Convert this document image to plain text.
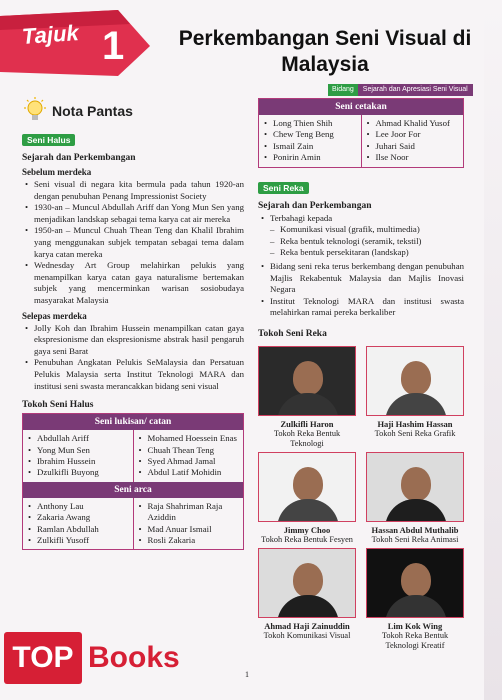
Tajuk 1	Perkembangan Seni Visual di Malaysia
Bidang	Sejarah dan Apresiasi Seni Visual
Nota Pantas
Seni Halus
Sejarah dan Perkembangan
Sebelum merdeka
• Seni visual di negara kita bermula pada tahun 1920-an dengan penubuhan Penang Impressionist Society
• 1930-an – Muncul Abdullah Ariff dan Yong Mun Sen yang menjadikan landskap sebagai tema karya cat air mereka
• 1950-an – Muncul Chuah Thean Teng dan Khalil Ibrahim yang menggunakan subjek tempatan sebagai tema dalam karya catan mereka
• Wednesday Art Group melahirkan pelukis yang menampilkan karya catan gaya naturalisme bertemakan subjek yang mencerminkan warisan sosiobudaya masyarakat Malaysia
Selepas merdeka
• Jolly Koh dan Ibrahim Hussein menampilkan catan gaya ekspresionisme dan ekspresionisme abstrak hasil pengaruh gaya seni Barat
• Penubuhan Angkatan Pelukis SeMalaysia dan Persatuan Pelukis Malaysia serta Institut Teknologi MARA dan institusi seni swasta merancakkan bidang seni visual
Tokoh Seni Halus
Seni lukisan/ catan
• Abdullah Ariff
• Yong Mun Sen
• Ibrahim Hussein
• Dzulkifli Buyong
• Mohamed Hoessein Enas
• Chuah Thean Teng
• Syed Ahmad Jamal
• Abdul Latif Mohidin
Seni arca
• Anthony Lau
• Zakaria Awang
• Ramlan Abdullah
• Zulkifli Yusoff
• Raja Shahriman Raja Aziddin
• Mad Anuar Ismail
• Rosli Zakaria
Seni cetakan
• Long Thien Shih
• Chew Teng Beng
• Ismail Zain
• Ponirin Amin
• Ahmad Khalid Yusof
• Lee Joor For
• Juhari Said
• Ilse Noor
Seni Reka
Sejarah dan Perkembangan
• Terbahagi kepada
– Komunikasi visual (grafik, multimedia)
– Reka bentuk teknologi (seramik, tekstil)
– Reka bentuk persekitaran (landskap)
• Bidang seni reka terus berkembang dengan penubuhan Majlis Rekabentuk Malaysia dan Majlis Inovasi Negara
• Institut Teknologi MARA dan institusi swasta melahirkan ramai pereka berkaliber
Tokoh Seni Reka
Zulkifli Haron
Tokoh Reka Bentuk Teknologi
Haji Hashim Hassan
Tokoh Seni Reka Grafik
Jimmy Choo
Tokoh Reka Bentuk Fesyen
Hassan Abdul Muthalib
Tokoh Seni Reka Animasi
Ahmad Haji Zainuddin
Tokoh Komunikasi Visual
Lim Kok Wing
Tokoh Reka Bentuk Teknologi Kreatif
1
TOP Books
